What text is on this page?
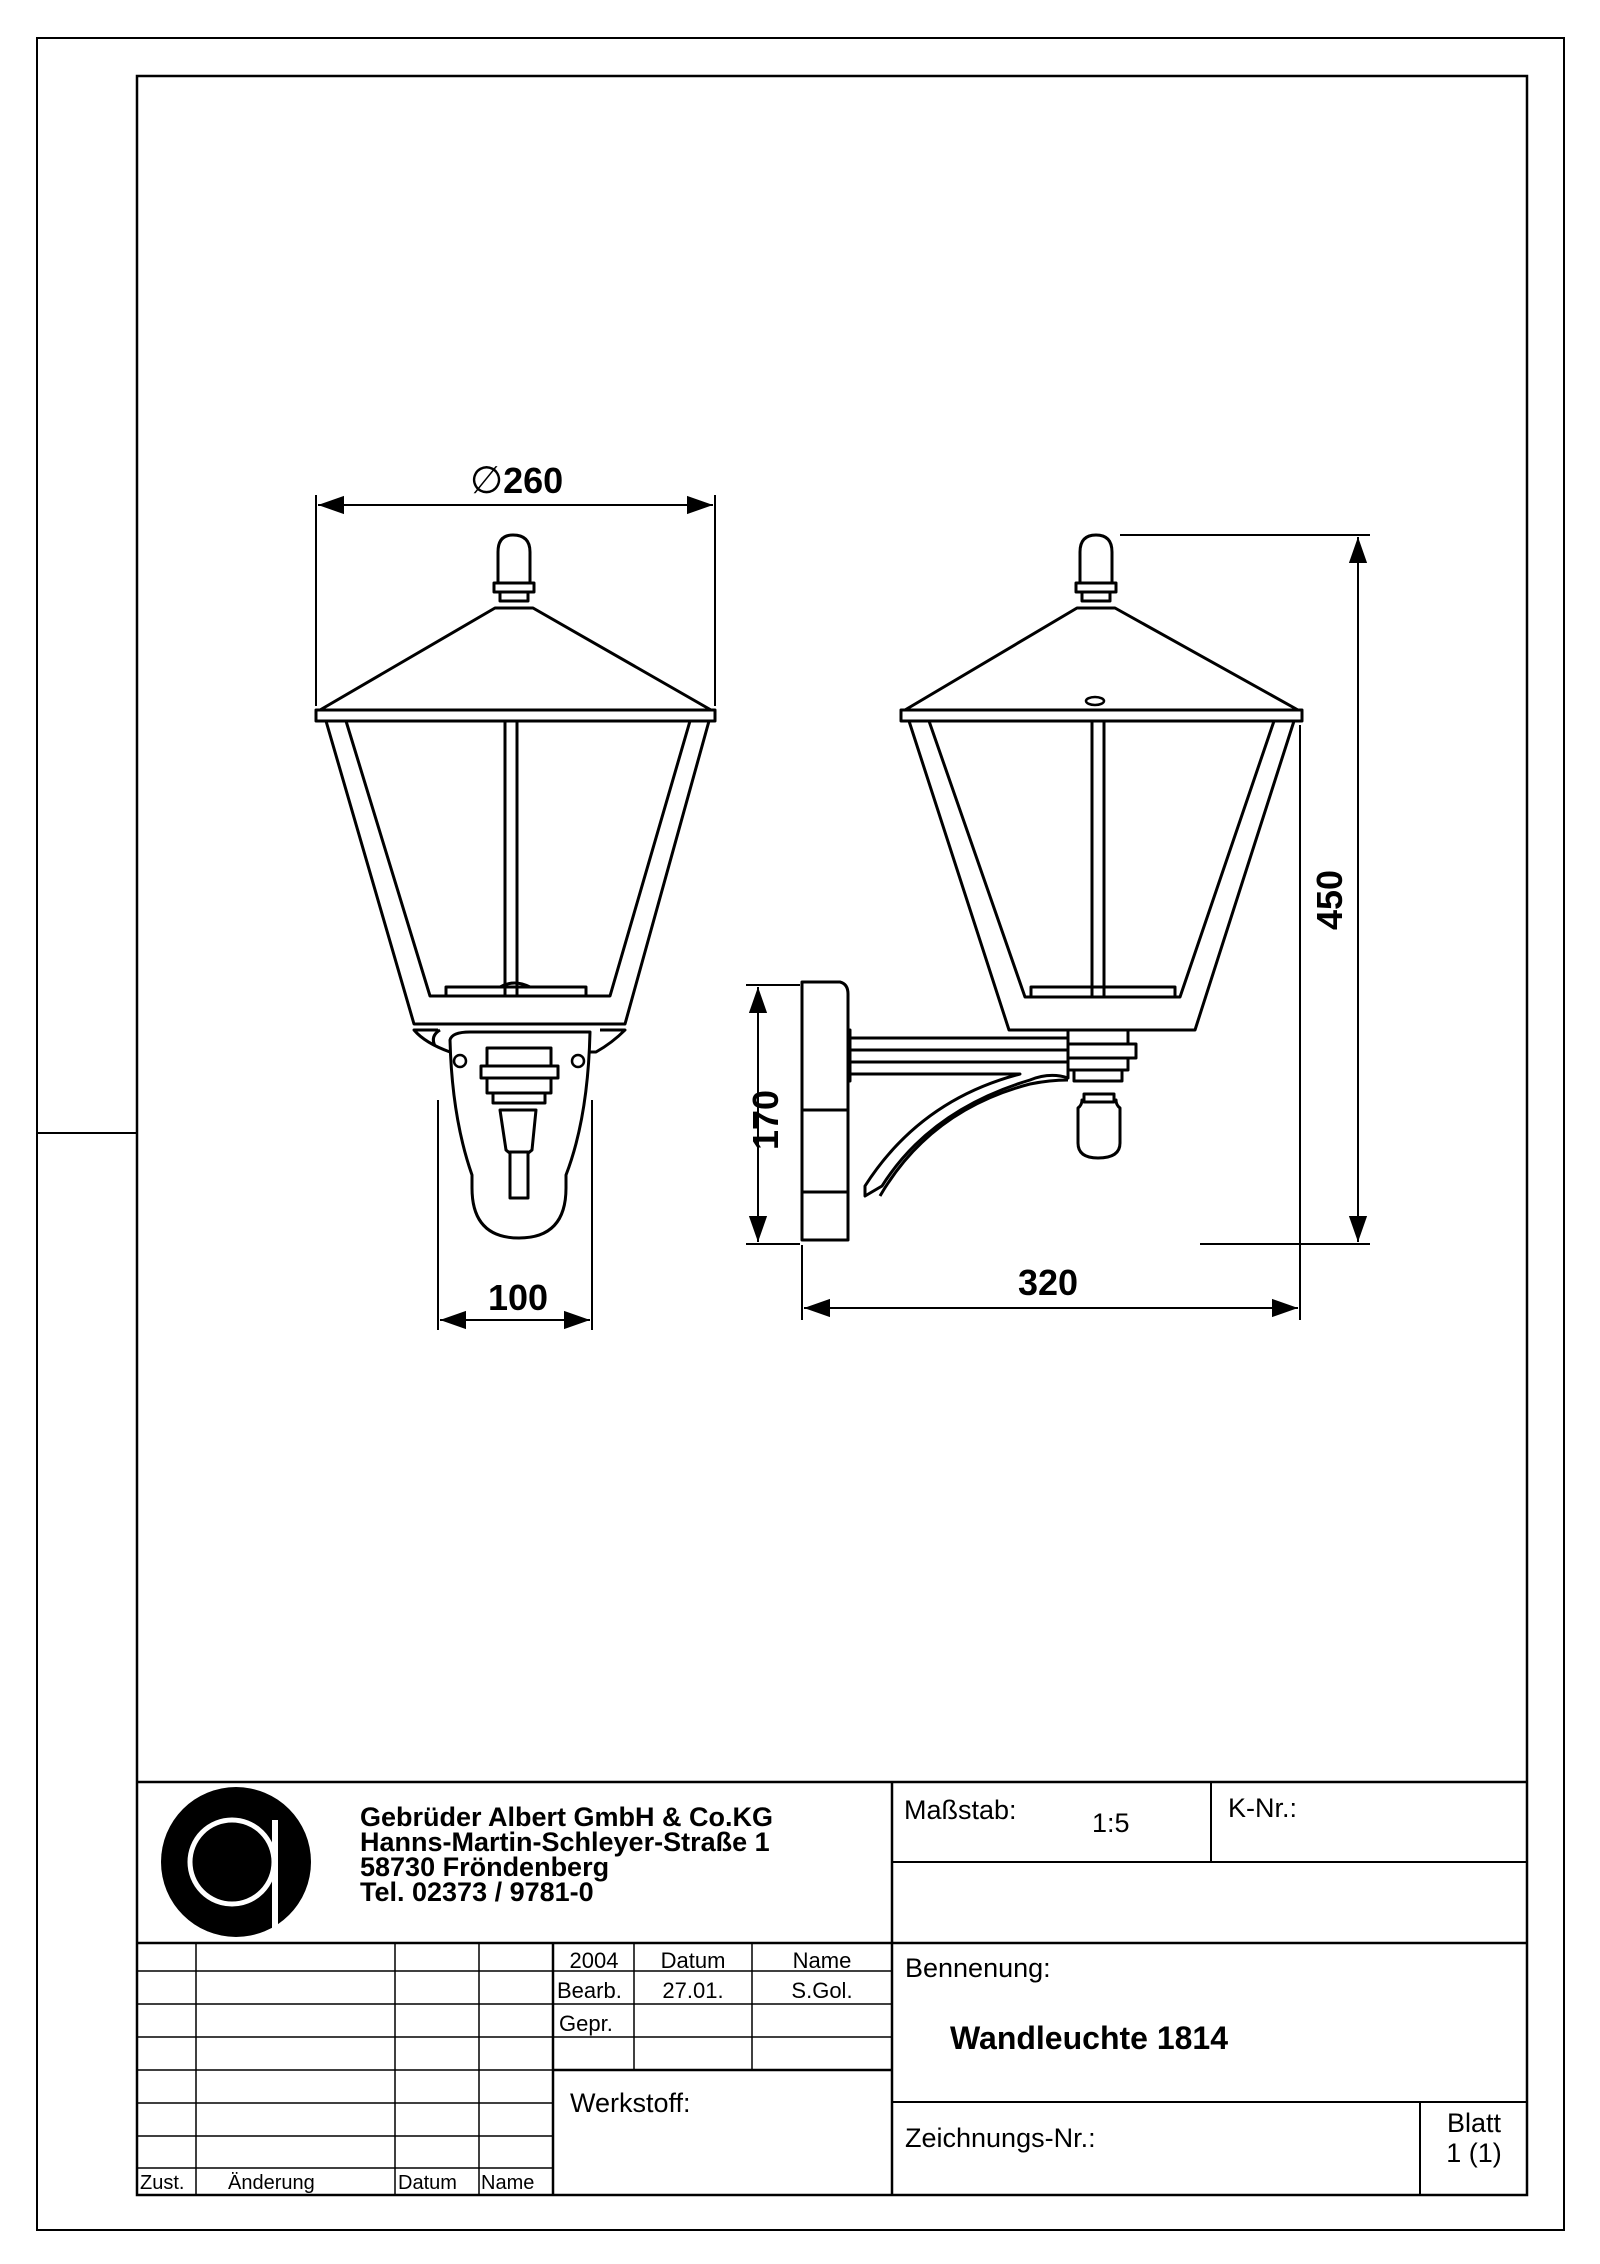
∅260
100	320
170
450
Gebrüder Albert GmbH & Co.KG
Hanns-Martin-Schleyer-Straße 1
58730 Fröndenberg
Tel. 02373 / 9781-0
Maßstab:	1:5	K-Nr.:
Bennenung:
Wandleuchte 1814
Zeichnungs-Nr.:	Blatt
1 (1)
Werkstoff:
2004	Datum	Name
Bearb.	27.01.	S.Gol.
Gepr.
Zust. Änderung	Datum Name
